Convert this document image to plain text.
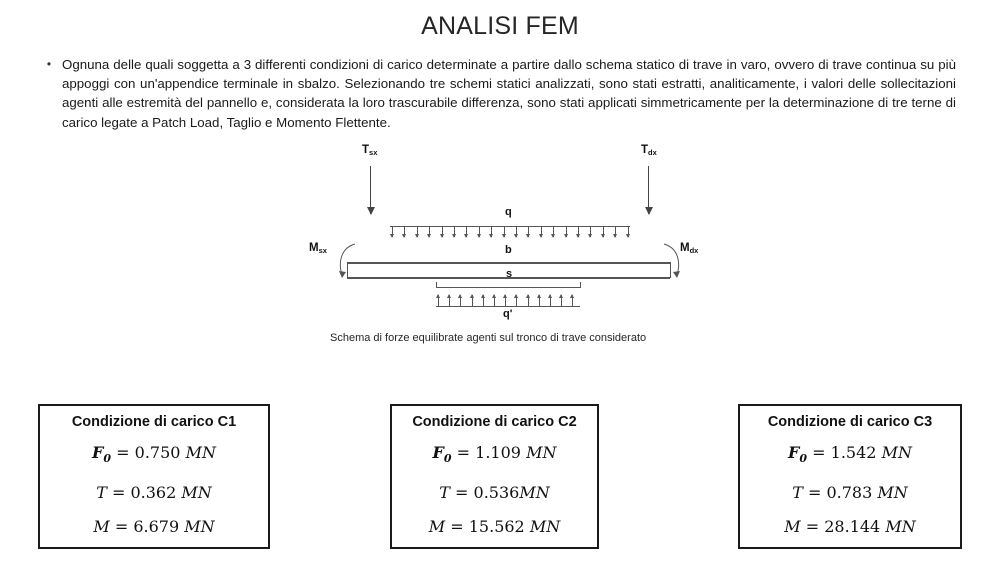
ANALISI FEM
• Ognuna delle quali soggetta a 3 differenti condizioni di carico determinate a partire dallo schema statico di trave in varo, ovvero di trave continua su più appoggi con un'appendice terminale in sbalzo. Selezionando tre schemi statici analizzati, sono stati estratti, analiticamente, i valori delle sollecitazioni agenti alle estremità del pannello e, considerata la loro trascurabile differenza, sono stati applicati simmetricamente per la determinazione di tre terne di carico legate a Patch Load, Taglio e Momento Flettente.
$T_{sx}$	$T_{dx}$
q
$M_{sx}$	$M_{dx}$
b
s
q'
Schema di forze equilibrate agenti sul tronco di trave considerato
Condizione di carico C1
$F_0 = 0.750$ MN
T = 0.362 MN
M = 6.679 MN
Condizione di carico C2
$F_0 = 1.109$ MN
T = 0.536MN
M = 15.562 MN
Condizione di carico C3
$F_0 = 1.542$ MN
T = 0.783 MN
M = 28.144 MN
